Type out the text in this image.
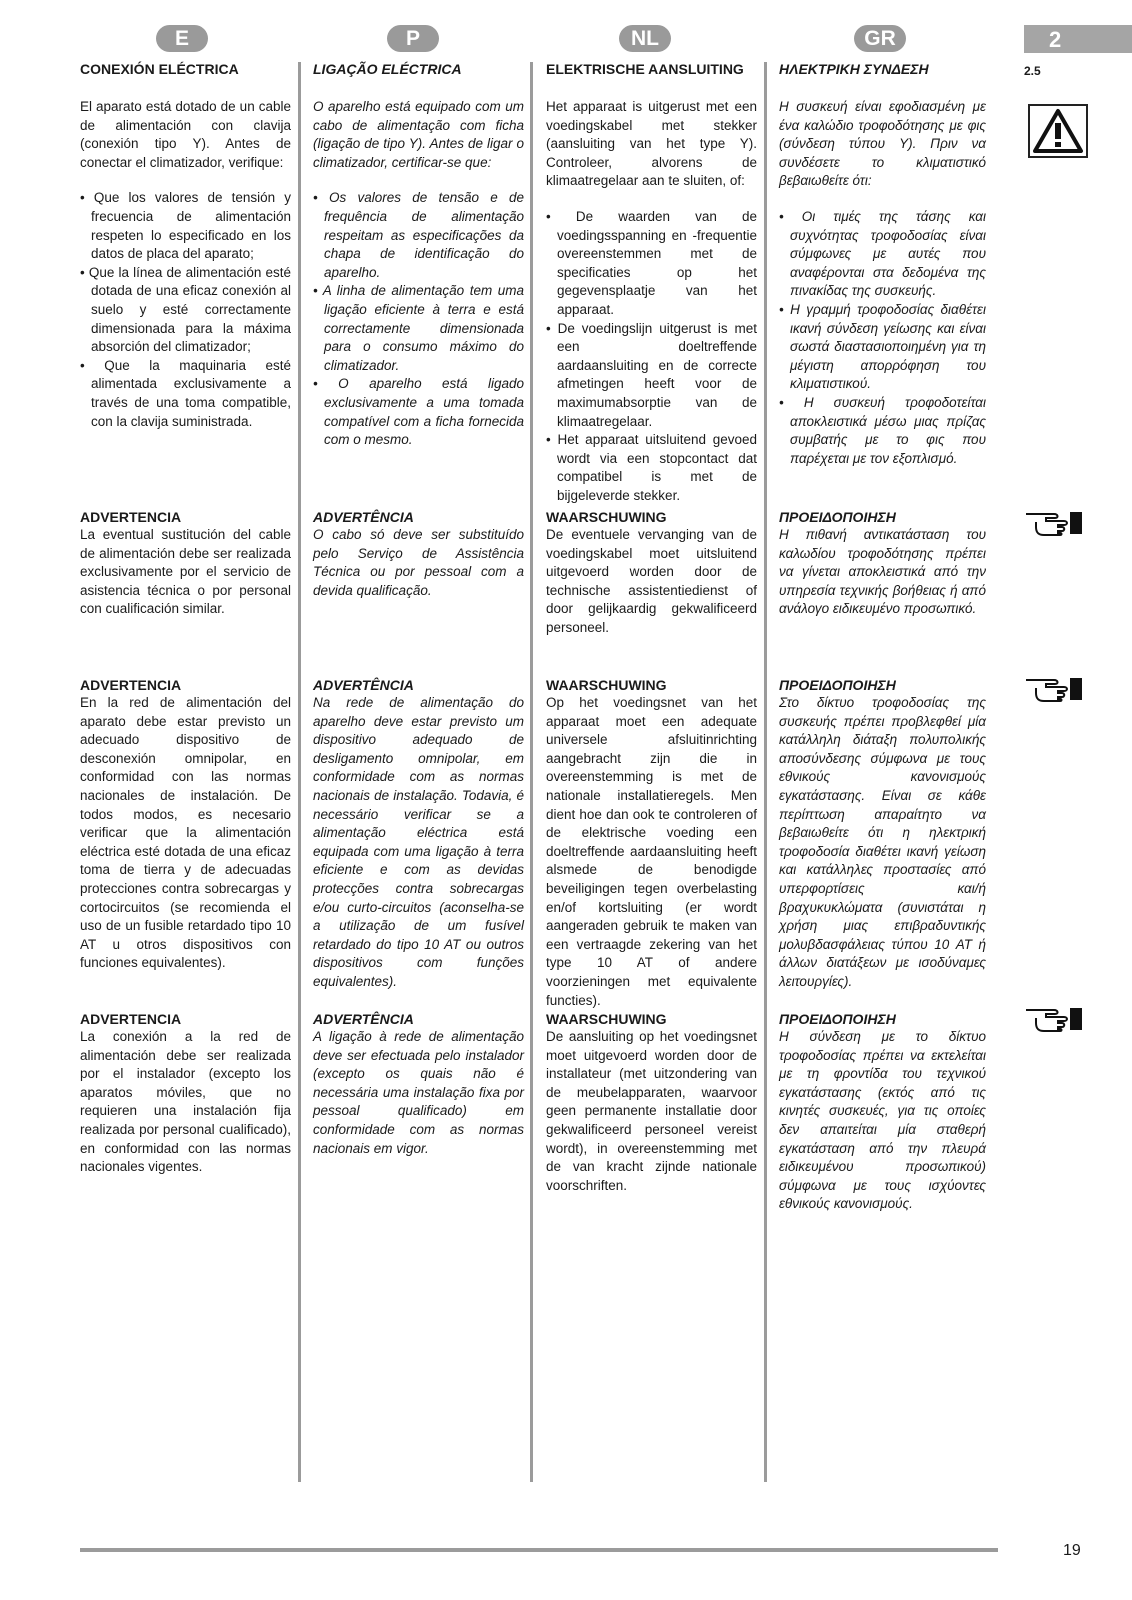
E	P	NL	GR	2
2.5

CONEXIÓN ELÉCTRICA

El aparato está dotado de un cable de alimentación con clavija (conexión tipo Y). Antes de conectar el climatizador, verifique:

• Que los valores de tensión y frecuencia de alimentación respeten lo especificado en los datos de placa del aparato;
• Que la línea de alimentación esté dotada de una eficaz conexión al suelo y esté correctamente dimensionada para la máxima absorción del climatizador;
• Que la maquinaria esté alimentada exclusivamente a través de una toma compatible, con la clavija suministrada.

ADVERTENCIA

La eventual sustitución del cable de alimentación debe ser realizada exclusivamente por el servicio de asistencia técnica o por personal con cualificación similar.

ADVERTENCIA

En la red de alimentación del aparato debe estar previsto un adecuado dispositivo de desconexión omnipolar, en conformidad con las normas nacionales de instalación. De todos modos, es necesario verificar que la alimentación eléctrica esté dotada de una eficaz toma de tierra y de adecuadas protecciones contra sobrecargas y cortocircuitos (se recomienda el uso de un fusible retardado tipo 10 AT u otros dispositivos con funciones equivalentes).

ADVERTENCIA

La conexión a la red de alimentación debe ser realizada por el instalador (excepto los aparatos móviles, que no requieren una instalación fija realizada por personal cualificado), en conformidad con las normas nacionales vigentes.

LIGAÇÃO ELÉCTRICA

O aparelho está equipado com um cabo de alimentação com ficha (ligação de tipo Y). Antes de ligar o climatizador, certificar-se que:

• Os valores de tensão e de frequência de alimentação respeitam as especificações da chapa de identificação do aparelho.
• A linha de alimentação tem uma ligação eficiente à terra e está correctamente dimensionada para o consumo máximo do climatizador.
• O aparelho está ligado exclusivamente a uma tomada compatível com a ficha fornecida com o mesmo.

ADVERTÊNCIA

O cabo só deve ser substituído pelo Serviço de Assistência Técnica ou por pessoal com a devida qualificação.

ADVERTÊNCIA

Na rede de alimentação do aparelho deve estar previsto um dispositivo adequado de desligamento omnipolar, em conformidade com as normas nacionais de instalação. Todavia, é necessário verificar se a alimentação eléctrica está equipada com uma ligação à terra eficiente e com as devidas protecções contra sobrecargas e/ou curto-circuitos (aconselha-se a utilização de um fusível retardado do tipo 10 AT ou outros dispositivos com funções equivalentes).

ADVERTÊNCIA

A ligação à rede de alimentação deve ser efectuada pelo instalador (excepto os quais não é necessária uma instalação fixa por pessoal qualificado) em conformidade com as normas nacionais em vigor.

ELEKTRISCHE AANSLUITING

Het apparaat is uitgerust met een voedingskabel met stekker (aansluiting van het type Y). Controleer, alvorens de klimaatregelaar aan te sluiten, of:

• De waarden van de voedingsspanning en -frequentie overeenstemmen met de specificaties op het gegevensplaatje van het apparaat.
• De voedingslijn uitgerust is met een doeltreffende aardaansluiting en de correcte afmetingen heeft voor de maximumabsorptie van de klimaatregelaar.
• Het apparaat uitsluitend gevoed wordt via een stopcontact dat compatibel is met de bijgeleverde stekker.

WAARSCHUWING

De eventuele vervanging van de voedingskabel moet uitsluitend uitgevoerd worden door de technische assistentiedienst of door gelijkaardig gekwalificeerd personeel.

WAARSCHUWING

Op het voedingsnet van het apparaat moet een adequate universele afsluitinrichting aangebracht zijn die in overeenstemming is met de nationale installatieregels. Men dient hoe dan ook te controleren of de elektrische voeding een doeltreffende aardaansluiting heeft alsmede de benodigde beveiligingen tegen overbelasting en/of kortsluiting (er wordt aangeraden gebruik te maken van een vertraagde zekering van het type 10 AT of andere voorzieningen met equivalente functies).

WAARSCHUWING

De aansluiting op het voedingsnet moet uitgevoerd worden door de installateur (met uitzondering van de meubelapparaten, waarvoor geen permanente installatie door gekwalificeerd personeel vereist wordt), in overeenstemming met de van kracht zijnde nationale voorschriften.

ΗΛΕΚΤΡΙΚΗ ΣΥΝΔΕΣΗ

Η συσκευή είναι εφοδιασμένη με ένα καλώδιο τροφοδότησης με φις (σύνδεση τύπου Y). Πριν να συνδέσετε το κλιματιστικό βεβαιωθείτε ότι:

• Οι τιμές της τάσης και συχνότητας τροφοδοσίας είναι σύμφωνες με αυτές που αναφέρονται στα δεδομένα της πινακίδας της συσκευής.
• Η γραμμή τροφοδοσίας διαθέτει ικανή σύνδεση γείωσης και είναι σωστά διαστασιοποιημένη για τη μέγιστη απορρόφηση του κλιματιστικού.
• Η συσκευή τροφοδοτείται αποκλειστικά μέσω μιας πρίζας συμβατής με το φις που παρέχεται με τον εξοπλισμό.

ΠΡΟΕΙΔΟΠΟΙΗΣΗ

Η πιθανή αντικατάσταση του καλωδίου τροφοδότησης πρέπει να γίνεται αποκλειστικά από την υπηρεσία τεχνικής βοήθειας ή από ανάλογο ειδικευμένο προσωπικό.

ΠΡΟΕΙΔΟΠΟΙΗΣΗ

Στο δίκτυο τροφοδοσίας της συσκευής πρέπει προβλεφθεί μία κατάλληλη διάταξη πολυπολικής αποσύνδεσης σύμφωνα με τους εθνικούς κανονισμούς εγκατάστασης. Είναι σε κάθε περίπτωση απαραίτητο να βεβαιωθείτε ότι η ηλεκτρική τροφοδοσία διαθέτει ικανή γείωση και κατάλληλες προστασίες από υπερφορτίσεις και/ή βραχυκυκλώματα (συνιστάται η χρήση μιας επιβραδυντικής μολυβδασφάλειας τύπου 10 AT ή άλλων διατάξεων με ισοδύναμες λειτουργίες).

ΠΡΟΕΙΔΟΠΟΙΗΣΗ

Η σύνδεση με το δίκτυο τροφοδοσίας πρέπει να εκτελείται με τη φροντίδα του τεχνικού εγκατάστασης (εκτός από τις κινητές συσκευές, για τις οποίες δεν απαιτείται μία σταθερή εγκατάσταση από την πλευρά ειδικευμένου προσωπικού) σύμφωνα με τους ισχύοντες εθνικούς κανονισμούς.

19
